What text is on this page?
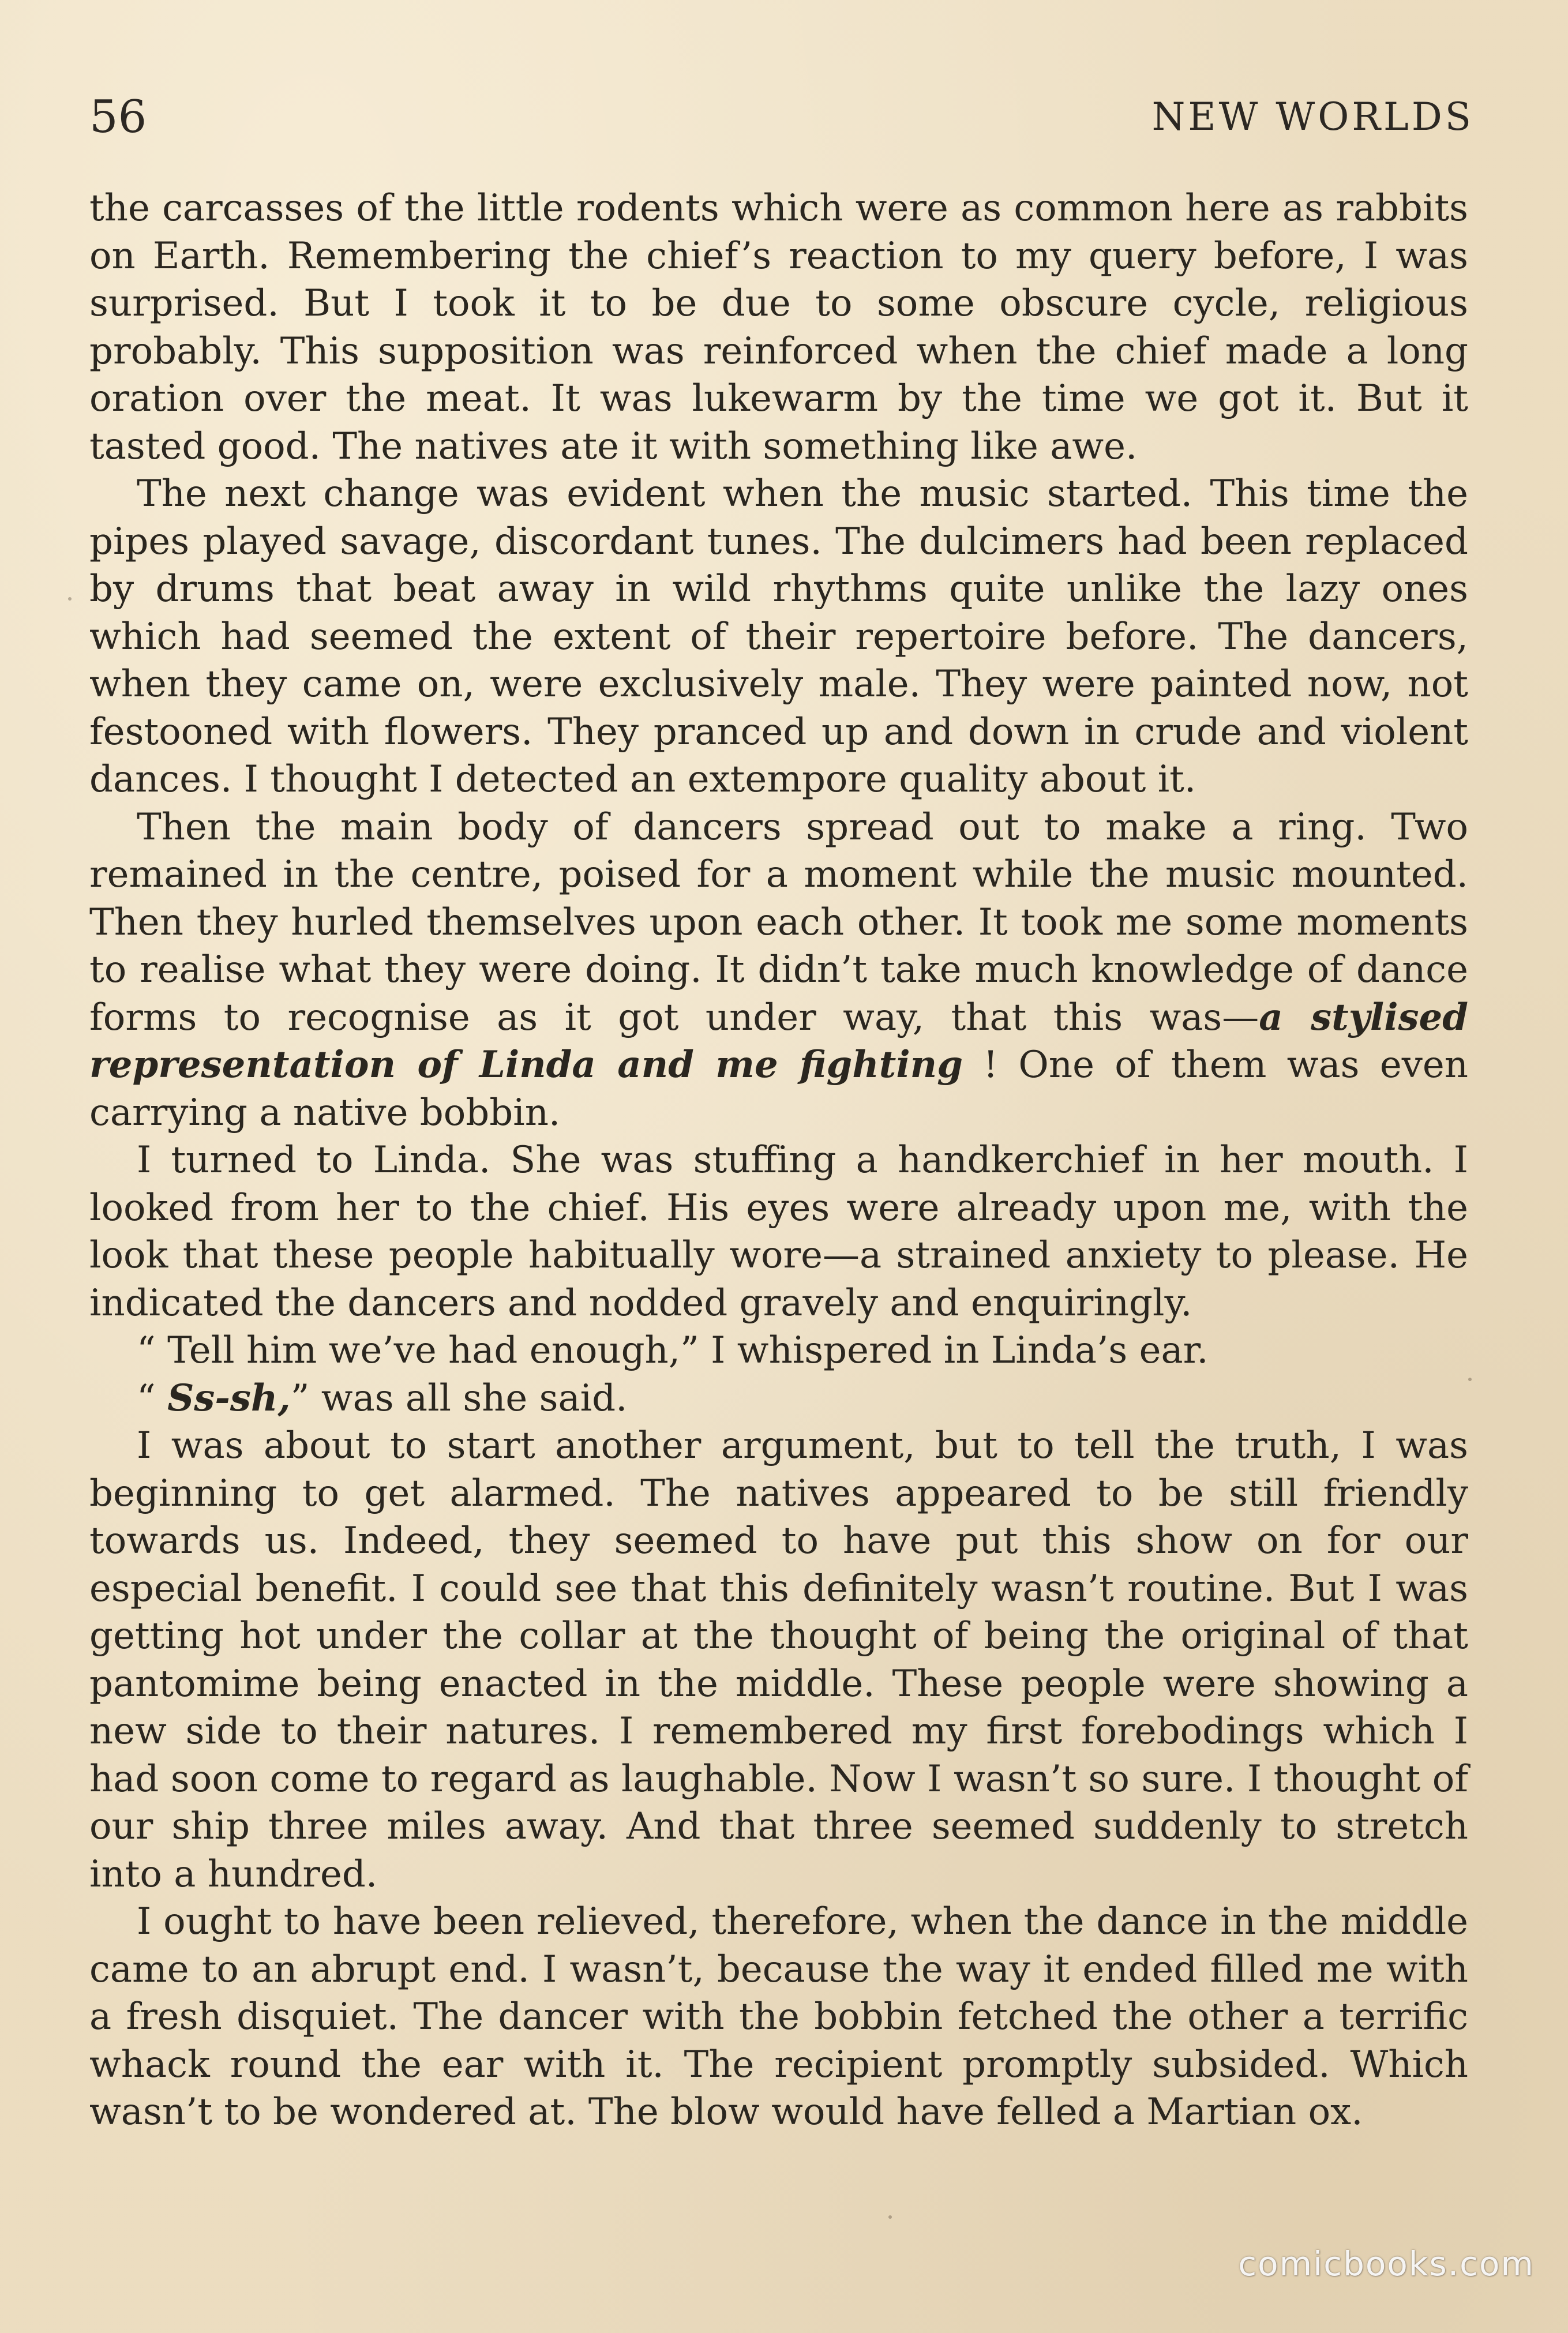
56	NEW WORLDS

the carcasses of the little rodents which were as common here as rabbits on Earth. Remembering the chief’s reaction to my query before, I was surprised. But I took it to be due to some obscure cycle, religious probably. This supposition was reinforced when the chief made a long oration over the meat. It was lukewarm by the time we got it. But it tasted good. The natives ate it with something like awe.

The next change was evident when the music started. This time the pipes played savage, discordant tunes. The dulcimers had been replaced by drums that beat away in wild rhythms quite unlike the lazy ones which had seemed the extent of their repertoire before. The dancers, when they came on, were exclusively male. They were painted now, not festooned with flowers. They pranced up and down in crude and violent dances. I thought I detected an extempore quality about it.

Then the main body of dancers spread out to make a ring. Two remained in the centre, poised for a moment while the music mounted. Then they hurled themselves upon each other. It took me some moments to realise what they were doing. It didn’t take much knowledge of dance forms to recognise as it got under way, that this was—a stylised representation of Linda and me fighting ! One of them was even carrying a native bobbin.

I turned to Linda. She was stuffing a handkerchief in her mouth. I looked from her to the chief. His eyes were already upon me, with the look that these people habitually wore—a strained anxiety to please. He indicated the dancers and nodded gravely and enquiringly.

“ Tell him we’ve had enough,” I whispered in Linda’s ear.

“ Ss-sh,” was all she said.

I was about to start another argument, but to tell the truth, I was beginning to get alarmed. The natives appeared to be still friendly towards us. Indeed, they seemed to have put this show on for our especial benefit. I could see that this definitely wasn’t routine. But I was getting hot under the collar at the thought of being the original of that pantomime being enacted in the middle. These people were showing a new side to their natures. I remembered my first forebodings which I had soon come to regard as laughable. Now I wasn’t so sure. I thought of our ship three miles away. And that three seemed suddenly to stretch into a hundred.

I ought to have been relieved, therefore, when the dance in the middle came to an abrupt end. I wasn’t, because the way it ended filled me with a fresh disquiet. The dancer with the bobbin fetched the other a terrific whack round the ear with it. The recipient promptly subsided. Which wasn’t to be wondered at. The blow would have felled a Martian ox.

comicbooks.com
